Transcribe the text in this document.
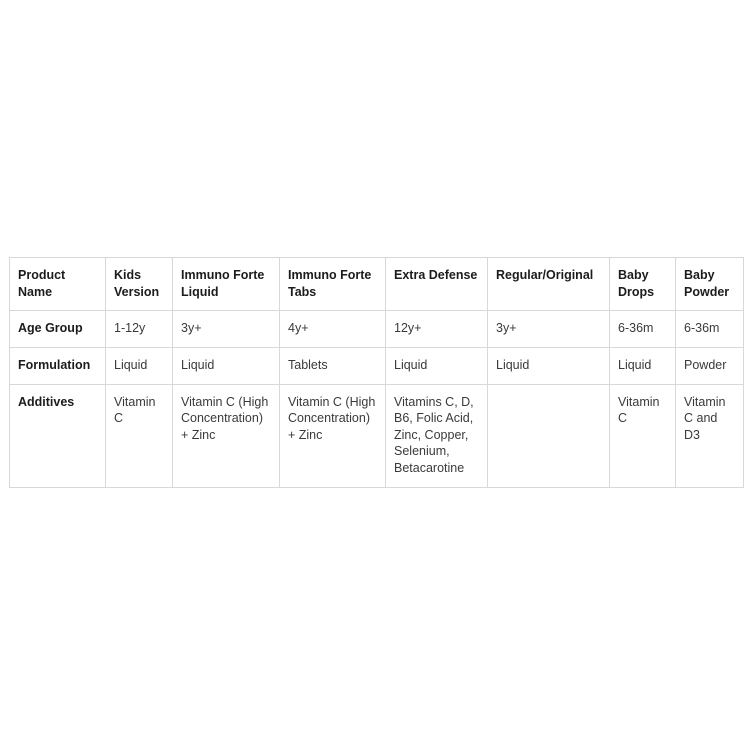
Product Name	Kids Version	Immuno Forte Liquid	Immuno Forte Tabs	Extra Defense	Regular/Original	Baby Drops	Baby Powder
Age Group	1-12y	3y+	4y+	12y+	3y+	6-36m	6-36m
Formulation	Liquid	Liquid	Tablets	Liquid	Liquid	Liquid	Powder
Additives	Vitamin C	Vitamin C (High Concentration) + Zinc	Vitamin C (High Concentration) + Zinc	Vitamins C, D, B6, Folic Acid, Zinc, Copper, Selenium, Betacarotine		Vitamin C	Vitamin C and D3
